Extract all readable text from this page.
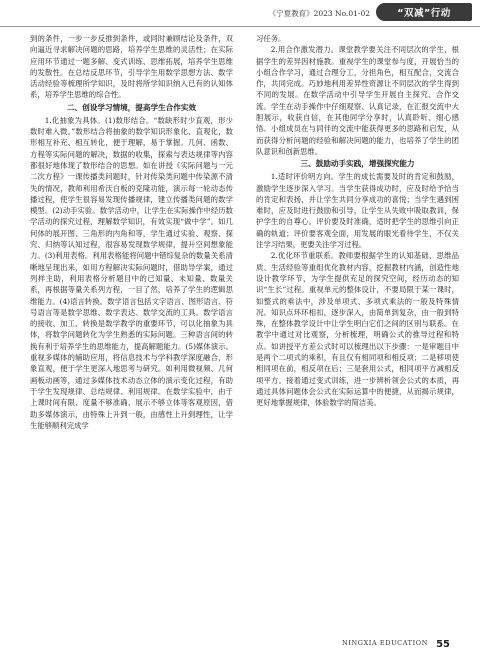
《宁夏教育》2023 No.01-02	“双减”行动

到的条件，一步一步反推到条件，或同时兼顾结论及条件，双向逼近寻求解决问题的思路，培养学生思维的灵活性；在实际应用环节通过一题多解、变式训练、思维拓展，培养学生思维的发散性。在总结反思环节，引导学生用数学思想方法、数学活动经验等梳理所学知识，及时将所学知识纳入已有的认知体系，培养学生思维的综合性。

二、创设学习情境，提高学生合作实效

1.化抽象为具体。(1)数形结合。“数缺形时少直观，形少数时难入微。”数形结合将抽象的数学知识形象化、直观化，数形相互补充、相互转化，便于理解，易于掌握。几何、函数、方程等实际问题的解决，数据的收集，探索与表达规律等内容都很好地体现了数形结合的思想。如在讲授《实际问题与一元二次方程》一课传播类问题时，针对传染类问题中传染源不清失的情况，教师利用希沃白板的克隆功能，演示每一轮动态传播过程，使学生很容易发现传播规律，建立传播类问题的数学模型。(2)动手实验。数学活动中，让学生在实际操作中经历数学活动的探究过程，理解数学知识，有效实现“做中学”。如几何体的展开图、三角形的内角和等，学生通过实验、观察、探究、归纳等认知过程，很容易发现数学规律，提升空间想象能力。(3)利用表格。利用表格能将问题中错综复杂的数量关系清晰地呈现出来，如用方程解决实际问题时，借助导学案，通过列样主助，利用表格分析题目中的已知量、未知量、数量关系，再根据等量关系列方程，一目了然，培养了学生的逻辑思维能力。(4)语言转换。数学语言包括文字语言、图形语言、符号语言等是数学思维、数学表达、数学交流的工具。数学语言的接收、加工、转换是数学教学的重要环节，可以化抽象为具体，将数学问题转化为学生熟悉的实际问题。三种语言间的转换有利于培养学生的思维能力，提高解题能力。(5)媒体演示。重视多媒体的辅助应用，将信息技术与学科教学深度融合，形象直观，便于学生更深入地思考与研究。如利用微视频、几何画板动画等，通过多媒体技术动态立体的演示变化过程，有助于学生发现规律、总结规律、利用规律。在数学实验中，由于上课时间有限、度量不够准确、展示不够立体等客观原因，借助多媒体演示，由特殊上升到一般，由感性上升到理性，让学生能够顺利完成学

习任务。

2.用合作激发潜力。课堂教学要关注不同层次的学生，根据学生的差异因材施教。重视学生的课堂参与度，开展恰当的小组合作学习，通过合理分工，分担角色，相互配合，交流合作，共同完成。巧妙地利用差异性资源让不同层次的学生得到不同的发展。在数学活动中引导学生开展自主探究、合作交流。学生在动手操作中仔细观察、认真记录，在汇报交流中大胆展示，收获自信，在其他同学分享时，认真聆听、细心感悟。小组成员在与同伴的交流中能获得更多的思路和启发，从而获得分析问题的经验和解决问题的能力，也培养了学生的团队意识和创新思维。

三、鼓励动手实践，增强探究能力

1.适时评价明方向。学生的成长需要及时的肯定和鼓励，激励学生逐步深入学习。当学生获得成功时，应及时给予恰当的肯定和表扬，并让学生共同分享成功的喜悦；当学生遇到困难时，应及时进行鼓励和引导，让学生从失败中吸取教训，保护学生的自尊心。评价要及时准确，适时把学生的思维引向正确的轨道；评价要客观全面，用发展的眼光看待学生，不仅关注学习结果，更要关注学习过程。

2.优化环节重联系。教师要根据学生的认知基础、思维品质、生活经验等重组优化教材内容，挖掘教材内涵，创造性地设计教学环节，为学生提供充足的探究空间，经历动态的知识“生长”过程。重视单元的整体设计，不要局限于某一课时，如整式的乘法中，涉及单项式、多项式乘法的一般及特殊情况。知识点环环相扣，逐步深入，由简单到复杂，由一般到特殊，在整体教学设计中让学生明白它们之间的区别与联系。在教学中通过对比观察，分析梳理，明确公式的推导过程和特点。如讲授平方差公式时可以梳理出以下步骤：一是审题目中是两个二项式的乘积，有且仅有相同项和相反项；二是移项使相同项在前，相反项在后；三是套用公式，相同项平方减相反项平方。接着通过变式训练，进一步辨析领会公式的本质，再通过具体问题体会公式在实际运算中的便捷，从而揭示规律，更好地掌握规律，体验数学的简洁美。

NINGXIA EDUCATION 55
